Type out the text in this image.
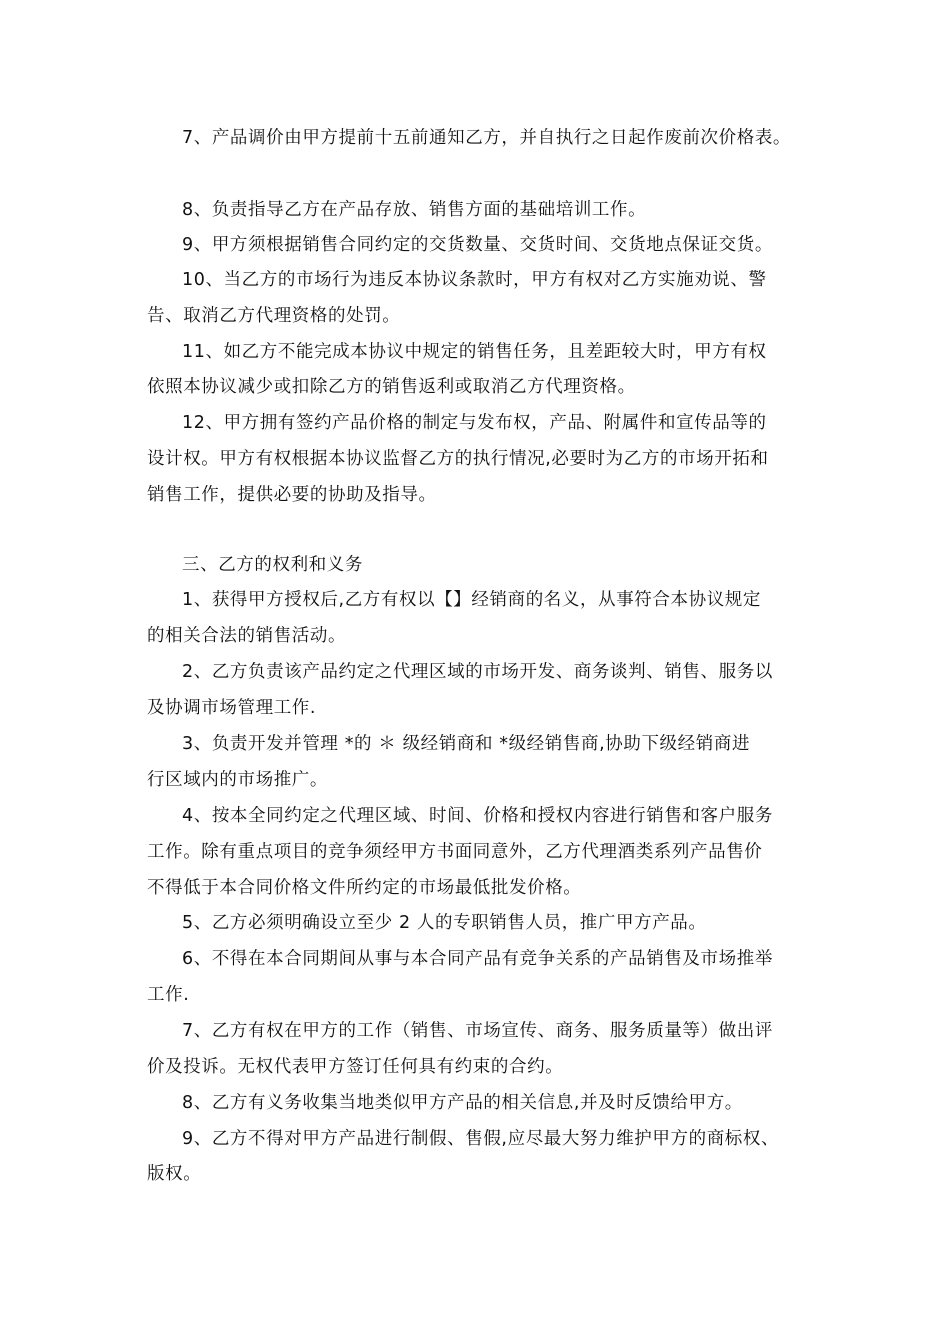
7、产品调价由甲方提前十五前通知乙方，并自执行之日起作废前次价格表。
8、负责指导乙方在产品存放、销售方面的基础培训工作。
9、甲方须根据销售合同约定的交货数量、交货时间、交货地点保证交货。
10、当乙方的市场行为违反本协议条款时，甲方有权对乙方实施劝说、警
告、取消乙方代理资格的处罚。
11、如乙方不能完成本协议中规定的销售任务，且差距较大时，甲方有权
依照本协议减少或扣除乙方的销售返利或取消乙方代理资格。
12、甲方拥有签约产品价格的制定与发布权，产品、附属件和宣传品等的
设计权。甲方有权根据本协议监督乙方的执行情况,必要时为乙方的市场开拓和
销售工作，提供必要的协助及指导。
三、乙方的权利和义务
1、获得甲方授权后,乙方有权以【】经销商的名义，从事符合本协议规定
的相关合法的销售活动。
2、乙方负责该产品约定之代理区域的市场开发、商务谈判、销售、服务以
及协调市场管理工作.
3、负责开发并管理 *的 ＊ 级经销商和 *级经销售商,协助下级经销商进
行区域内的市场推广。
4、按本全同约定之代理区域、时间、价格和授权内容进行销售和客户服务
工作。除有重点项目的竞争须经甲方书面同意外，乙方代理酒类系列产品售价
不得低于本合同价格文件所约定的市场最低批发价格。
5、乙方必须明确设立至少 2 人的专职销售人员，推广甲方产品。
6、不得在本合同期间从事与本合同产品有竞争关系的产品销售及市场推举
工作.
7、乙方有权在甲方的工作（销售、市场宣传、商务、服务质量等）做出评
价及投诉。无权代表甲方签订任何具有约束的合约。
8、乙方有义务收集当地类似甲方产品的相关信息,并及时反馈给甲方。
9、乙方不得对甲方产品进行制假、售假,应尽最大努力维护甲方的商标权、
版权。
